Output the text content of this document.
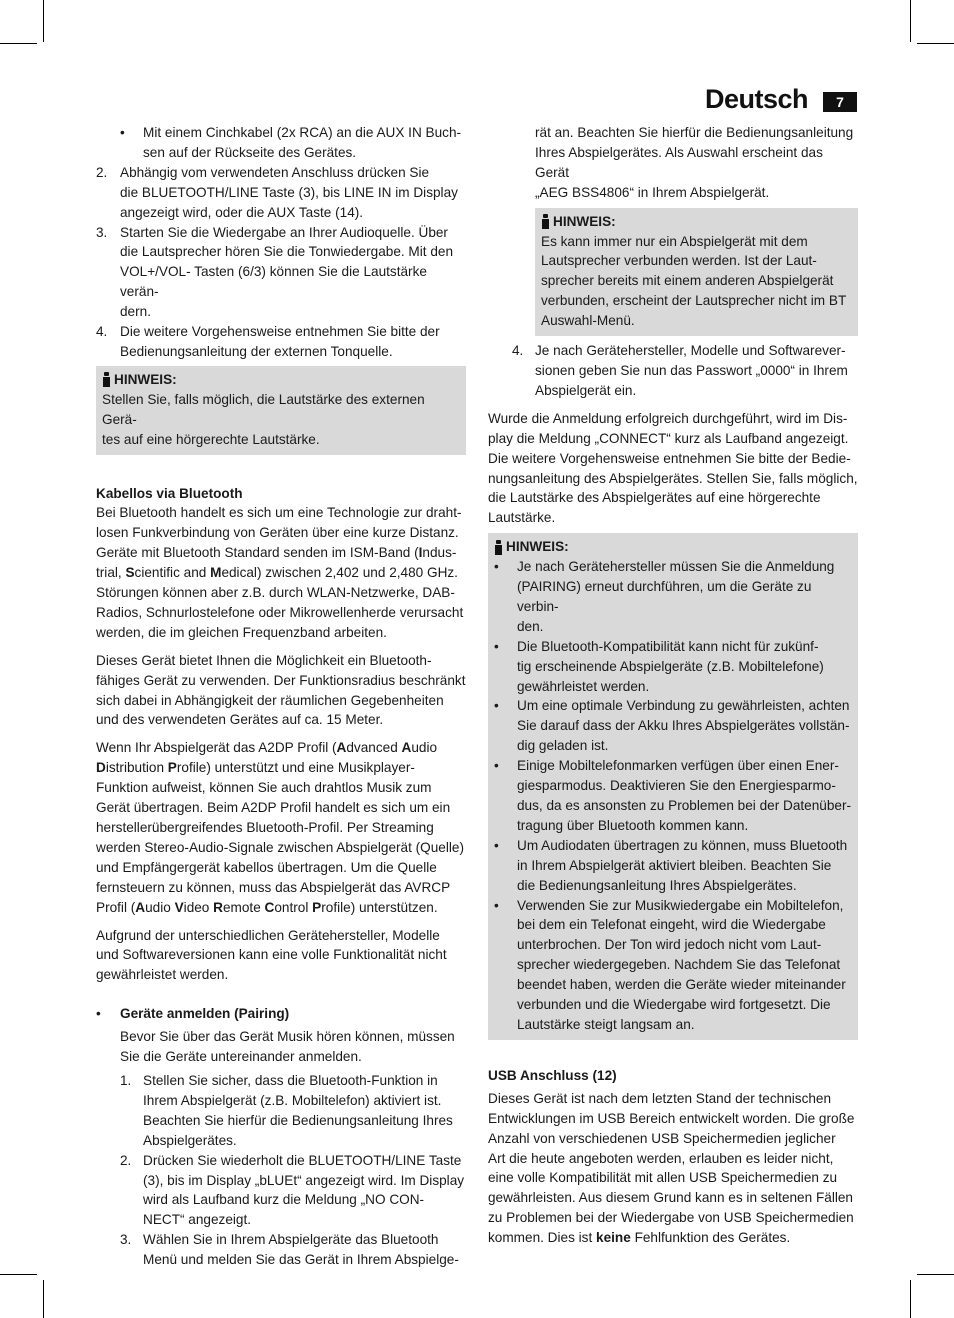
Deutsch	7
• Mit einem Cinchkabel (2x RCA) an die AUX IN Buch-

sen auf der Rückseite des Gerätes.

2. Abhängig vom verwendeten Anschluss drücken Sie

die BLUETOOTH/LINE Taste (3), bis LINE IN im Display

angezeigt wird, oder die AUX Taste (14).

3. Starten Sie die Wiedergabe an Ihrer Audioquelle. Über

die Lautsprecher hören Sie die Tonwiedergabe. Mit den

VOL+/VOL- Tasten (6/3) können Sie die Lautstärke verän-

dern.

4. Die weitere Vorgehensweise entnehmen Sie bitte der

Bedienungsanleitung der externen Tonquelle.

HINWEIS:

Stellen Sie, falls möglich, die Lautstärke des externen Gerä-

tes auf eine hörgerechte Lautstärke.

Kabellos via Bluetooth

Bei Bluetooth handelt es sich um eine Technologie zur draht-

losen Funkverbindung von Geräten über eine kurze Distanz.

Geräte mit Bluetooth Standard senden im ISM-Band (Indus-

trial, Scientific and Medical) zwischen 2,402 und 2,480 GHz.

Störungen können aber z.B. durch WLAN-Netzwerke, DAB-

Radios, Schnurlostelefone oder Mikrowellenherde verursacht

werden, die im gleichen Frequenzband arbeiten.

Dieses Gerät bietet Ihnen die Möglichkeit ein Bluetooth-

fähiges Gerät zu verwenden. Der Funktionsradius beschränkt

sich dabei in Abhängigkeit der räumlichen Gegebenheiten

und des verwendeten Gerätes auf ca. 15 Meter.

Wenn Ihr Abspielgerät das A2DP Profil (Advanced Audio

Distribution Profile) unterstützt und eine Musikplayer-

Funktion aufweist, können Sie auch drahtlos Musik zum

Gerät übertragen. Beim A2DP Profil handelt es sich um ein

herstellerübergreifendes Bluetooth-Profil. Per Streaming

werden Stereo-Audio-Signale zwischen Abspielgerät (Quelle)

und Empfängergerät kabellos übertragen. Um die Quelle

fernsteuern zu können, muss das Abspielgerät das AVRCP

Profil (Audio Video Remote Control Profile) unterstützen.

Aufgrund der unterschiedlichen Gerätehersteller, Modelle

und Softwareversionen kann eine volle Funktionalität nicht

gewährleistet werden.

• Geräte anmelden (Pairing)

Bevor Sie über das Gerät Musik hören können, müssen

Sie die Geräte untereinander anmelden.

1. Stellen Sie sicher, dass die Bluetooth-Funktion in

Ihrem Abspielgerät (z.B. Mobiltelefon) aktiviert ist.

Beachten Sie hierfür die Bedienungsanleitung Ihres

Abspielgerätes.

2. Drücken Sie wiederholt die BLUETOOTH/LINE Taste

(3), bis im Display „bLUEt“ angezeigt wird. Im Display

wird als Laufband kurz die Meldung „NO CON-

NECT“ angezeigt.

3. Wählen Sie in Ihrem Abspielgeräte das Bluetooth

Menü und melden Sie das Gerät in Ihrem Abspielge-

rät an. Beachten Sie hierfür die Bedienungsanleitung

Ihres Abspielgerätes. Als Auswahl erscheint das Gerät

„AEG BSS4806“ in Ihrem Abspielgerät.

HINWEIS:

Es kann immer nur ein Abspielgerät mit dem

Lautsprecher verbunden werden. Ist der Laut-

sprecher bereits mit einem anderen Abspielgerät

verbunden, erscheint der Lautsprecher nicht im BT

Auswahl-Menü.

4. Je nach Gerätehersteller, Modelle und Softwarever-

sionen geben Sie nun das Passwort „0000“ in Ihrem

Abspielgerät ein.

Wurde die Anmeldung erfolgreich durchgeführt, wird im Dis-

play die Meldung „CONNECT“ kurz als Laufband angezeigt.

Die weitere Vorgehensweise entnehmen Sie bitte der Bedie-

nungsanleitung des Abspielgerätes. Stellen Sie, falls möglich,

die Lautstärke des Abspielgerätes auf eine hörgerechte

Lautstärke.

HINWEIS:
• Je nach Gerätehersteller müssen Sie die Anmeldung

(PAIRING) erneut durchführen, um die Geräte zu verbin-

den.

• Die Bluetooth-Kompatibilität kann nicht für zukünf-

tig erscheinende Abspielgeräte (z.B. Mobiltelefone)

gewährleistet werden.

• Um eine optimale Verbindung zu gewährleisten, achten

Sie darauf dass der Akku Ihres Abspielgerätes vollstän-

dig geladen ist.

• Einige Mobiltelefonmarken verfügen über einen Ener-

giesparmodus. Deaktivieren Sie den Energiesparmo-

dus, da es ansonsten zu Problemen bei der Datenüber-

tragung über Bluetooth kommen kann.

• Um Audiodaten übertragen zu können, muss Bluetooth

in Ihrem Abspielgerät aktiviert bleiben. Beachten Sie

die Bedienungsanleitung Ihres Abspielgerätes.

• Verwenden Sie zur Musikwiedergabe ein Mobiltelefon,

bei dem ein Telefonat eingeht, wird die Wiedergabe

unterbrochen. Der Ton wird jedoch nicht vom Laut-

sprecher wiedergegeben. Nachdem Sie das Telefonat

beendet haben, werden die Geräte wieder miteinander

verbunden und die Wiedergabe wird fortgesetzt. Die

Lautstärke steigt langsam an.

USB Anschluss (12)

Dieses Gerät ist nach dem letzten Stand der technischen

Entwicklungen im USB Bereich entwickelt worden. Die große

Anzahl von verschiedenen USB Speichermedien jeglicher

Art die heute angeboten werden, erlauben es leider nicht,

eine volle Kompatibilität mit allen USB Speichermedien zu

gewährleisten. Aus diesem Grund kann es in seltenen Fällen

zu Problemen bei der Wiedergabe von USB Speichermedien

kommen. Dies ist keine Fehlfunktion des Gerätes.
